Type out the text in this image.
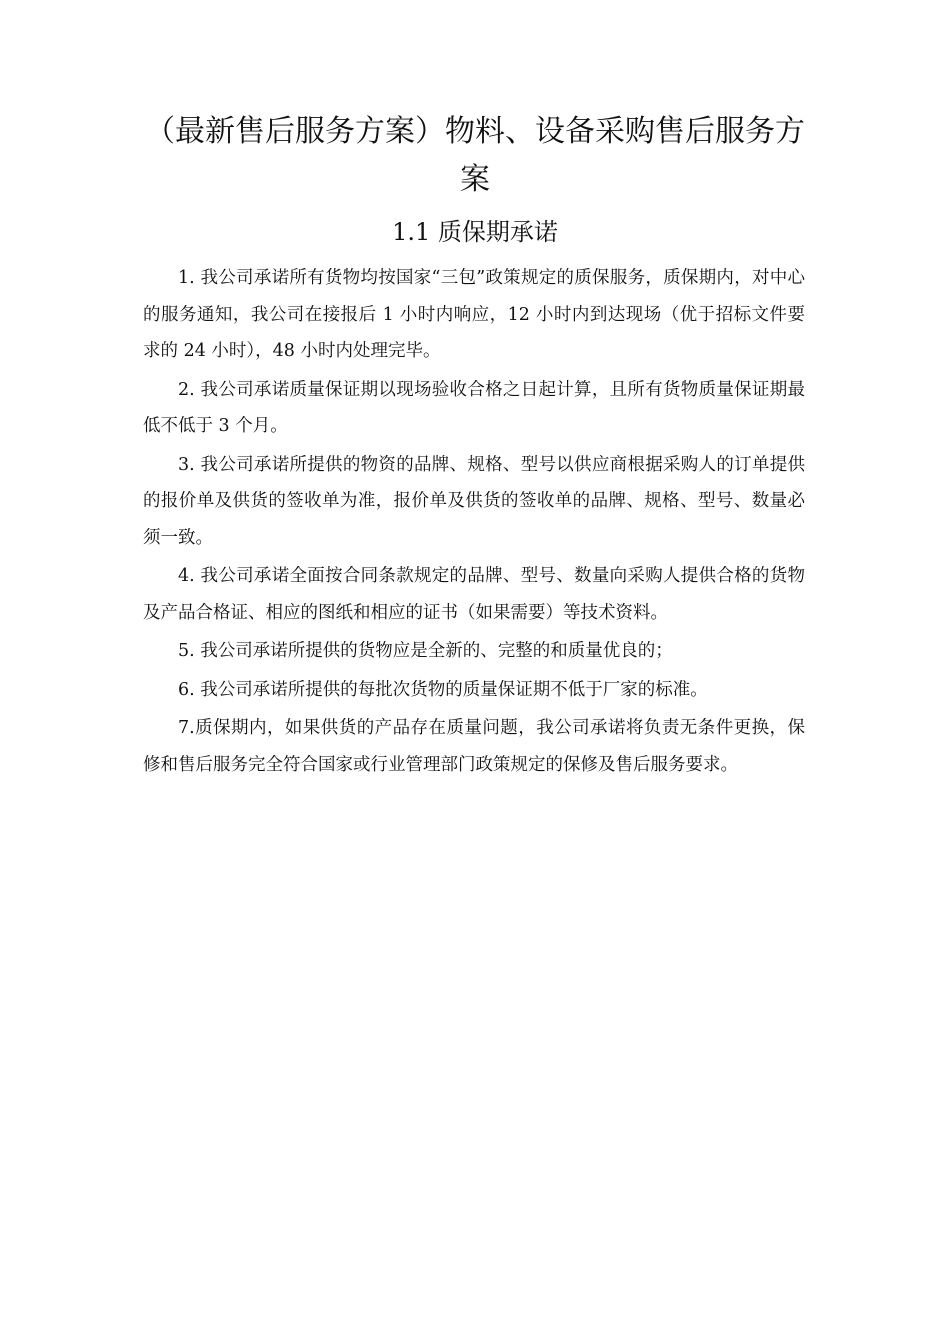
（最新售后服务方案）物料、设备采购售后服务方案
1.1 质保期承诺

1. 我公司承诺所有货物均按国家“三包”政策规定的质保服务，质保期内，对中心的服务通知，我公司在接报后 1 小时内响应，12 小时内到达现场（优于招标文件要求的 24 小时），48 小时内处理完毕。

2. 我公司承诺质量保证期以现场验收合格之日起计算，且所有货物质量保证期最低不低于 3 个月。

3. 我公司承诺所提供的物资的品牌、规格、型号以供应商根据采购人的订单提供的报价单及供货的签收单为准，报价单及供货的签收单的品牌、规格、型号、数量必须一致。

4. 我公司承诺全面按合同条款规定的品牌、型号、数量向采购人提供合格的货物及产品合格证、相应的图纸和相应的证书（如果需要）等技术资料。

5. 我公司承诺所提供的货物应是全新的、完整的和质量优良的；

6. 我公司承诺所提供的每批次货物的质量保证期不低于厂家的标准。

7.质保期内，如果供货的产品存在质量问题，我公司承诺将负责无条件更换，保修和售后服务完全符合国家或行业管理部门政策规定的保修及售后服务要求。
